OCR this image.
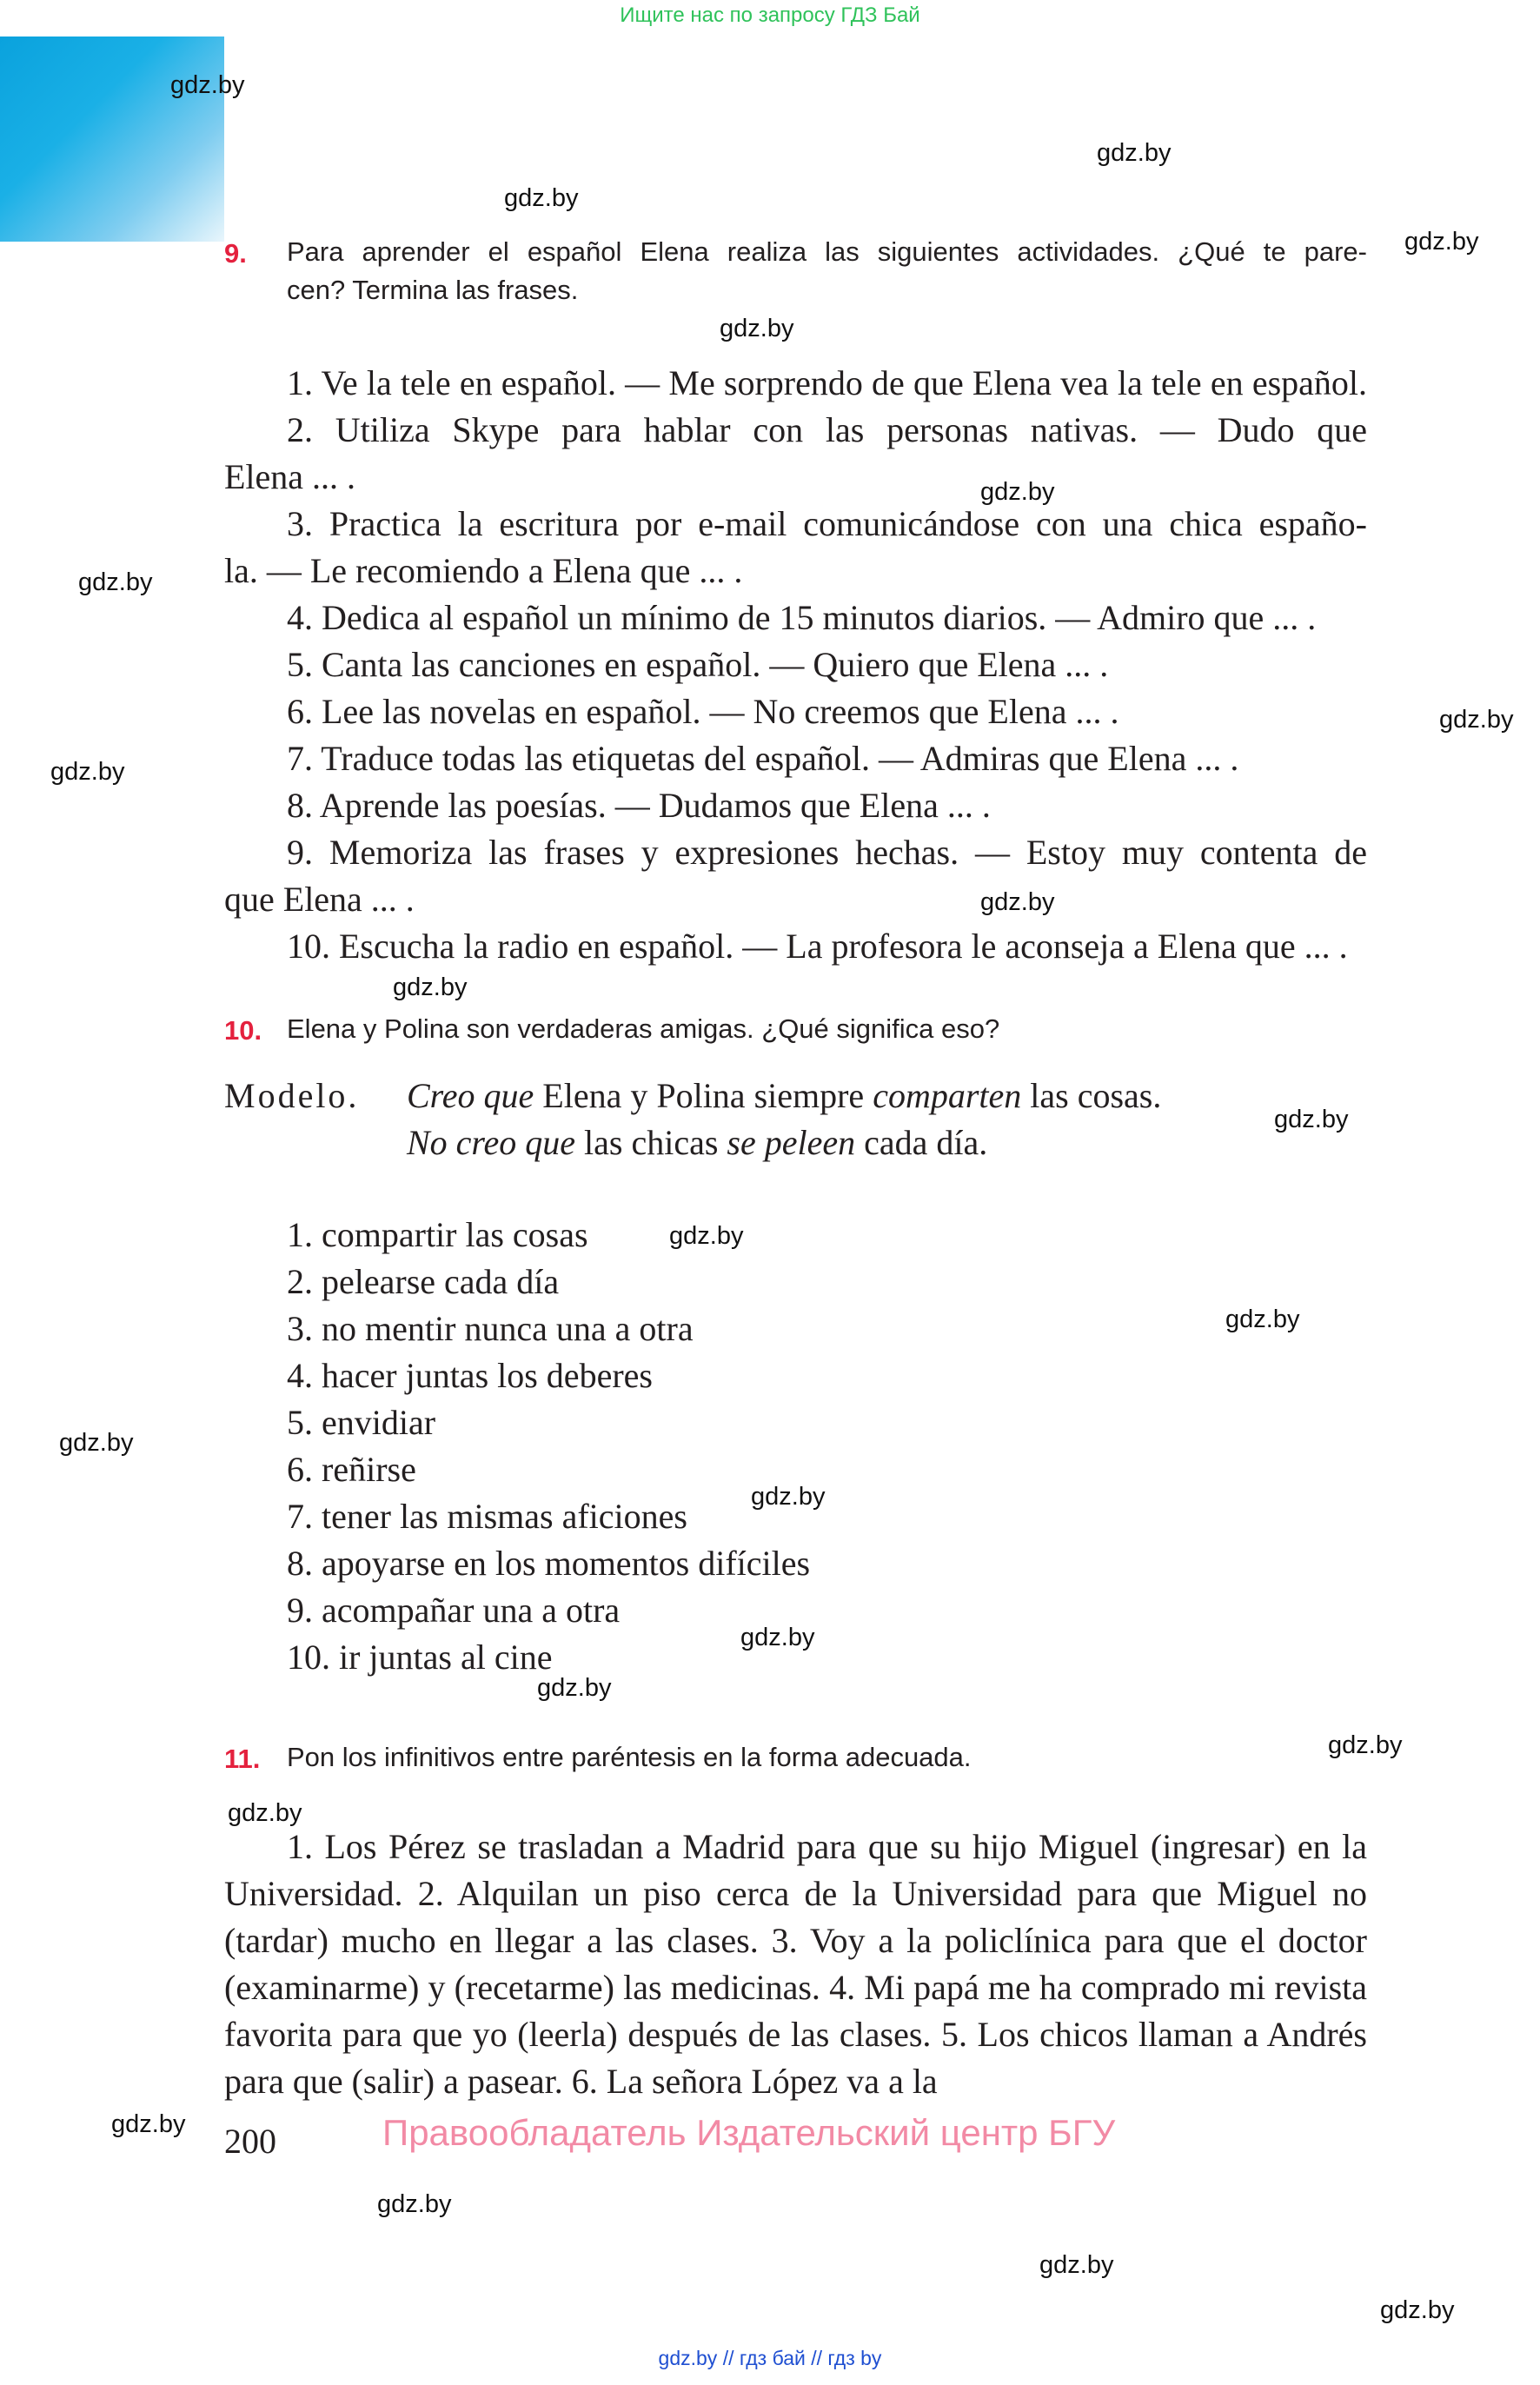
Ищите нас по запросу ГДЗ Бай
9. Para aprender el español Elena realiza las siguientes actividades. ¿Qué te pare-
cen? Termina las frases.
1. Ve la tele en español. — Me sorprendo de que Elena vea la tele en español.
2. Utiliza Skype para hablar con las personas nativas. — Dudo que
Elena ... .
3. Practica la escritura por e-mail comunicándose con una chica españo-
la. — Le recomiendo a Elena que ... .
4. Dedica al español un mínimo de 15 minutos diarios. — Admiro que ... .
5. Canta las canciones en español. — Quiero que Elena ... .
6. Lee las novelas en español. — No creemos que Elena ... .
7. Traduce todas las etiquetas del español. — Admiras que Elena ... .
8. Aprende las poesías. — Dudamos que Elena ... .
9. Memoriza las frases y expresiones hechas. — Estoy muy contenta de
que Elena ... .
10. Escucha la radio en español. — La profesora le aconseja a Elena que ... .
10. Elena y Polina son verdaderas amigas. ¿Qué significa eso?
Modelo. Creo que Elena y Polina siempre comparten las cosas.
No creo que las chicas se peleen cada día.
1. compartir las cosas
2. pelearse cada día
3. no mentir nunca una a otra
4. hacer juntas los deberes
5. envidiar
6. reñirse
7. tener las mismas aficiones
8. apoyarse en los momentos difíciles
9. acompañar una a otra
10. ir juntas al cine
11. Pon los infinitivos entre paréntesis en la forma adecuada.
1. Los Pérez se trasladan a Madrid para que su hijo Miguel (ingresar) en la Universidad. 2. Alquilan un piso cerca de la Universidad para que Miguel no (tardar) mucho en llegar a las clases. 3. Voy a la policlínica para que el doctor (examinarme) y (recetarme) las medicinas. 4. Mi papá me ha comprado mi revista favorita para que yo (leerla) después de las clases. 5. Los chicos llaman a Andrés para que (salir) a pasear. 6. La señora López va a la
200	Правообладатель Издательский центр БГУ
gdz.by // гдз бай // гдз by
gdz.by
gdz.by
gdz.by
gdz.by
gdz.by
gdz.by
gdz.by
gdz.by
gdz.by
gdz.by
gdz.by
gdz.by
gdz.by
gdz.by
gdz.by
gdz.by
gdz.by
gdz.by
gdz.by
gdz.by
gdz.by
gdz.by
gdz.by
gdz.by
